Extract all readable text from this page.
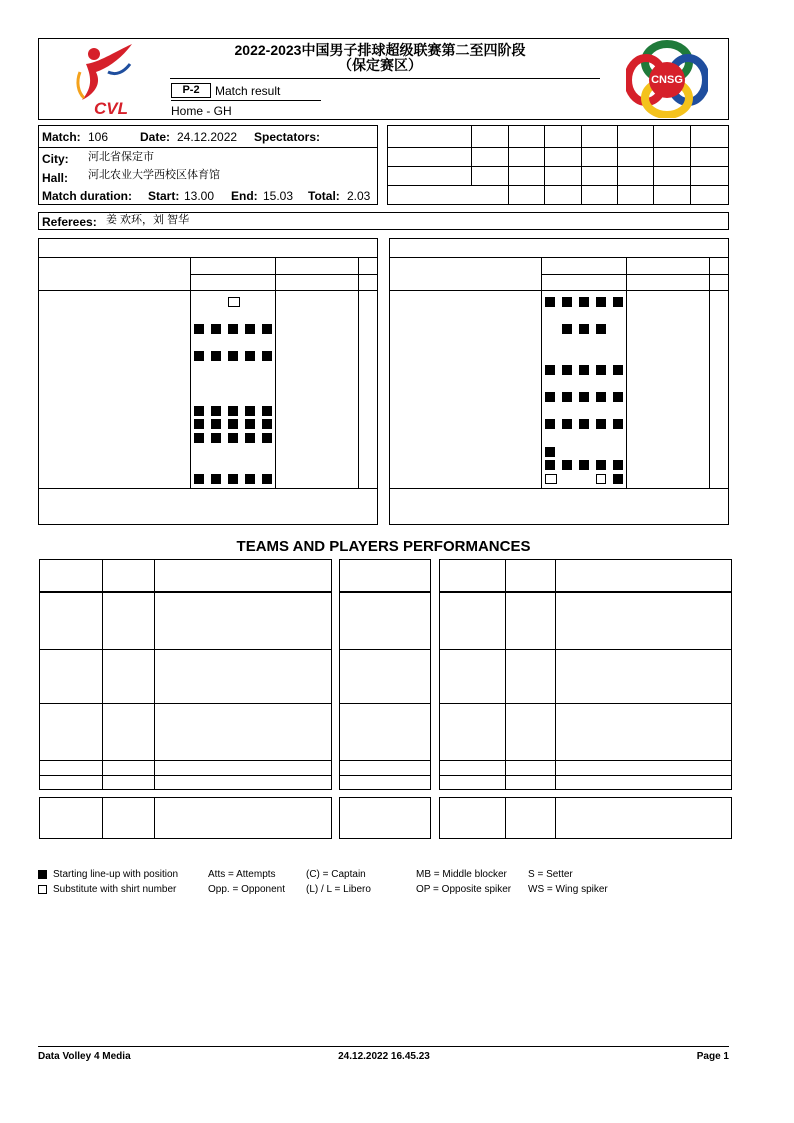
CVL
2022-2023中国男子排球超级联赛第二至四阶段
（保定赛区）
P-2	Match result
Home - GH
CNSG
Match: 106	Date: 24.12.2022 Spectators:
City: 河北省保定市
Hall: 河北农业大学西校区体育馆
Match duration: Start: 13.00 End: 15.03 Total: 2.03
Referees: 姜 欢环，刘 智华
TEAMS AND PLAYERS PERFORMANCES
Starting line-up with position
Substitute with shirt number
Atts = Attempts
Opp. = Opponent
(C) = Captain
(L) / L = Libero
MB = Middle blocker
OP = Opposite spiker
S = Setter
WS = Wing spiker
Data Volley 4 Media	24.12.2022 16.45.23	Page 1
